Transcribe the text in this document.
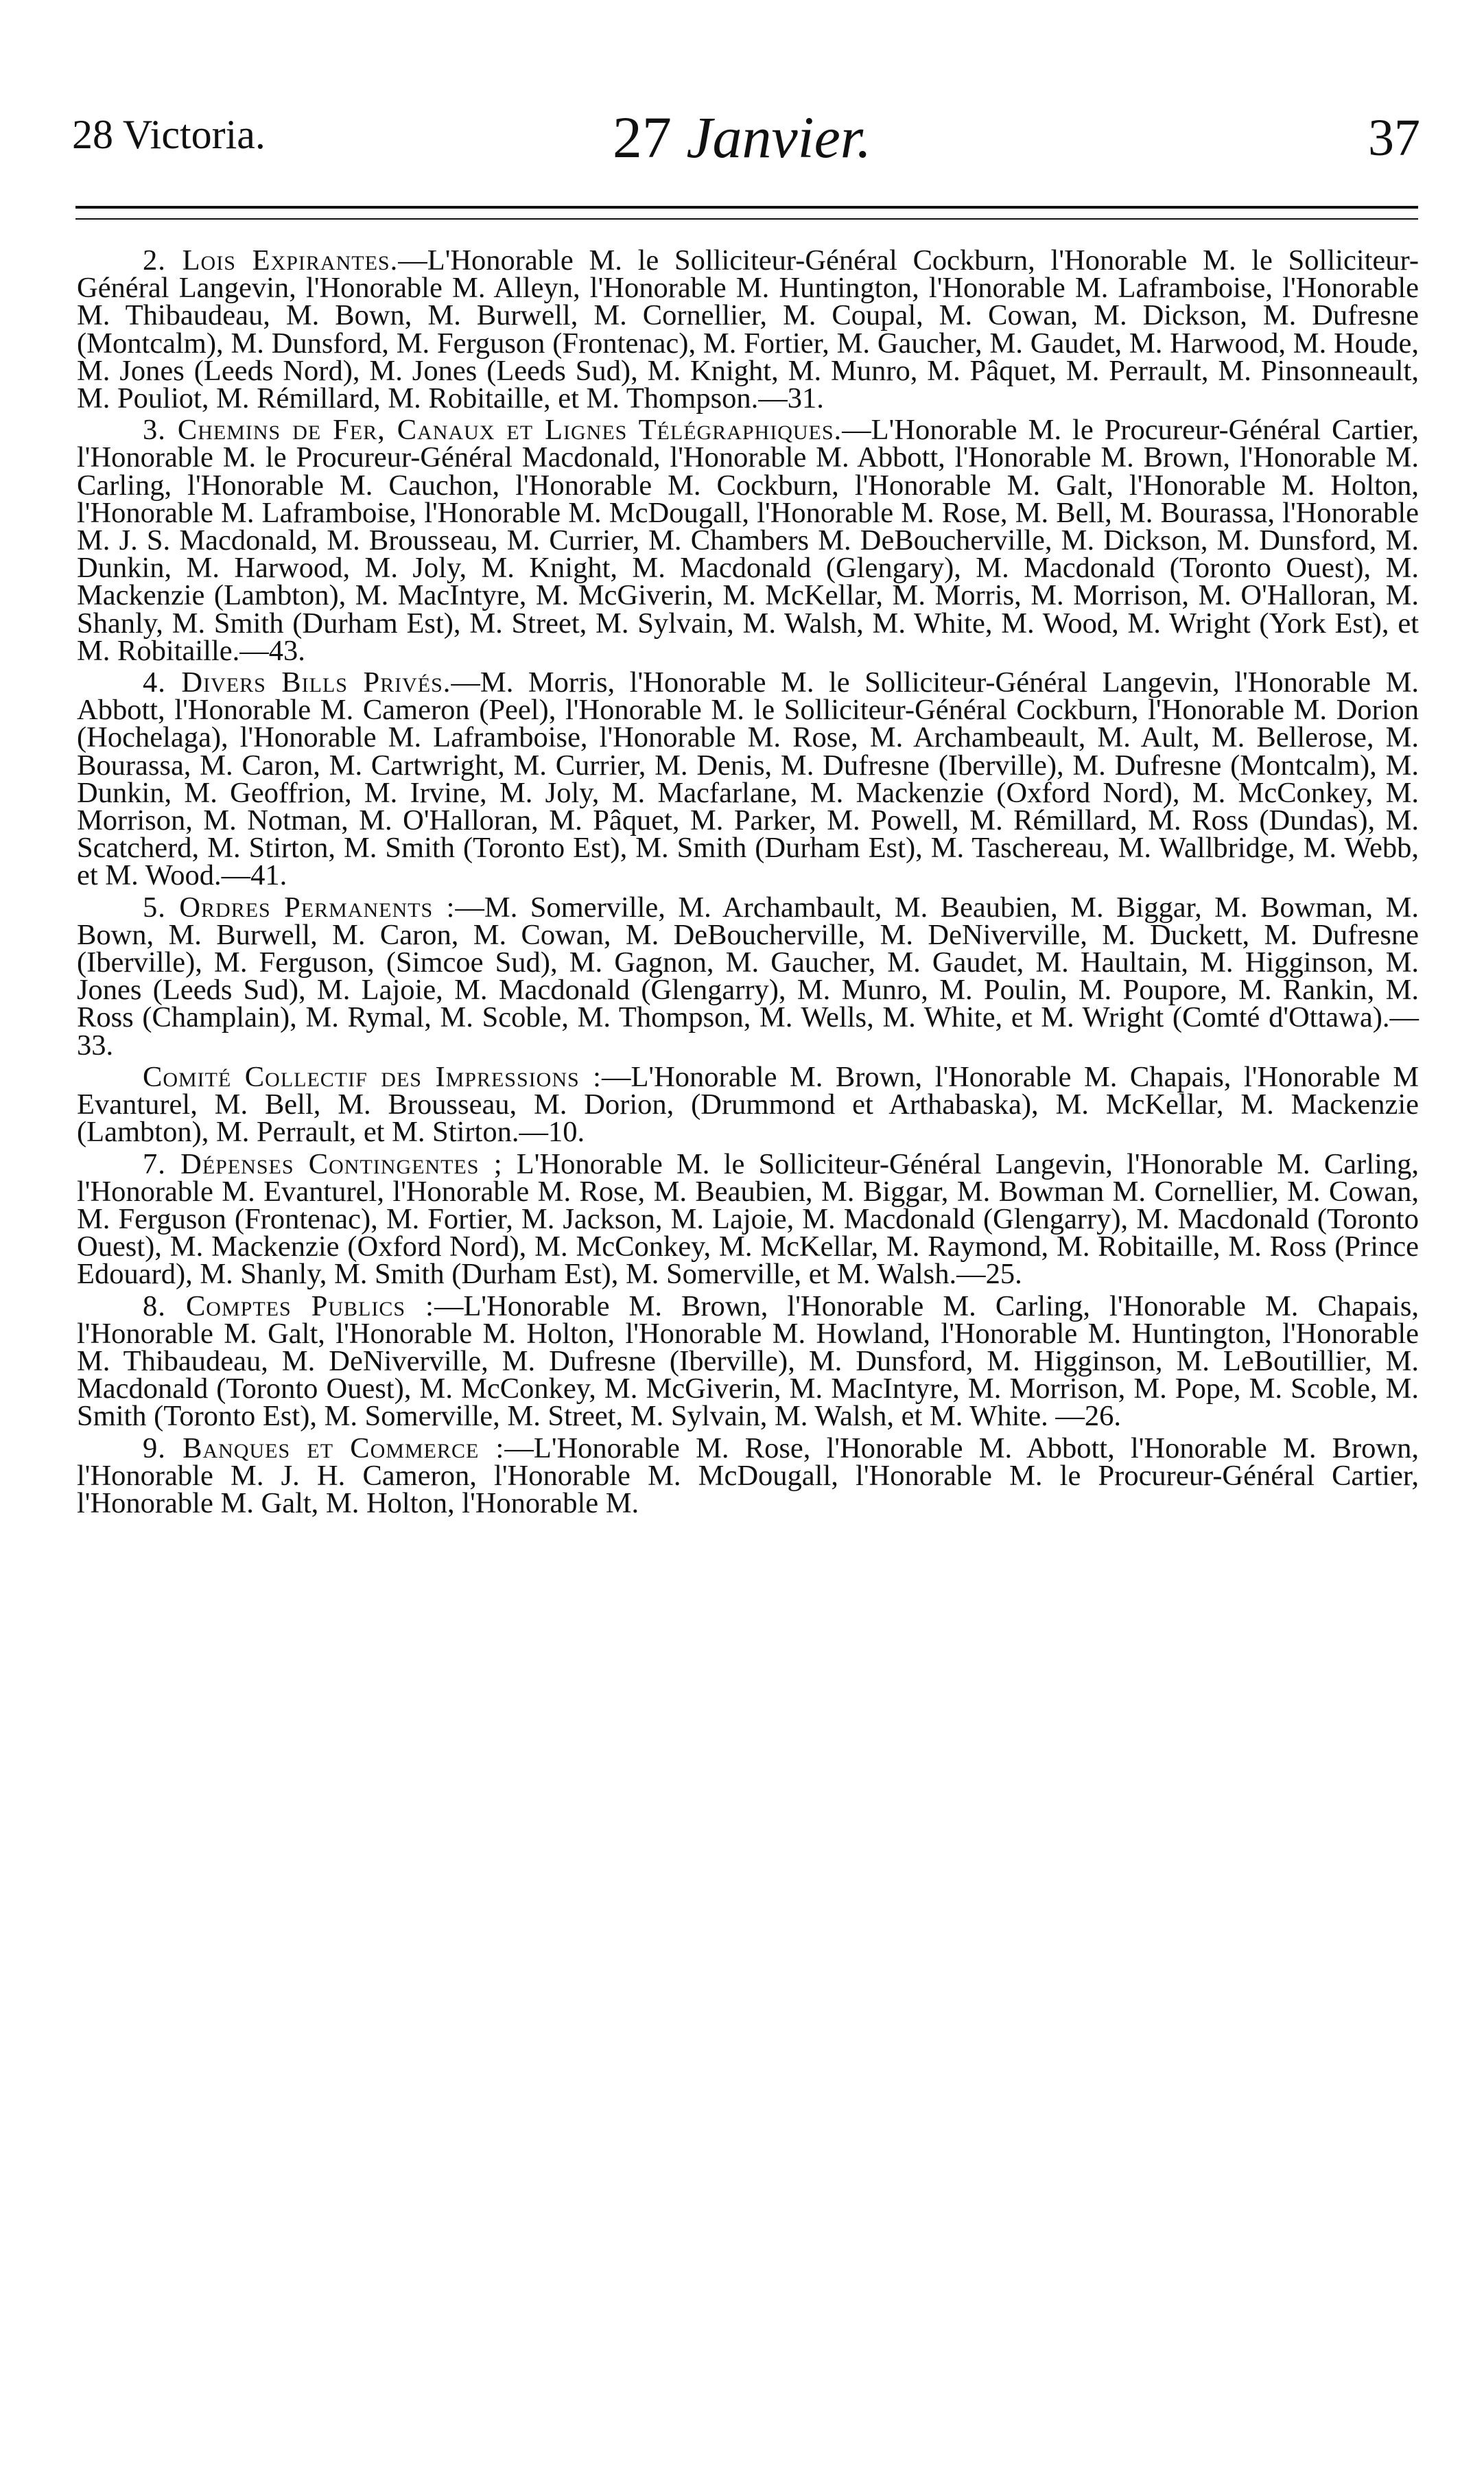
28 Victoria.	27 Janvier.	37

2. Lois Expirantes.—L'Honorable M. le Solliciteur-Général Cockburn, l'Honorable M. le Solliciteur-Général Langevin, l'Honorable M. Alleyn, l'Honorable M. Huntington, l'Honorable M. Laframboise, l'Honorable M. Thibaudeau, M. Bown, M. Burwell, M. Cornellier, M. Coupal, M. Cowan, M. Dickson, M. Dufresne (Montcalm), M. Dunsford, M. Ferguson (Frontenac), M. Fortier, M. Gaucher, M. Gaudet, M. Harwood, M. Houde, M. Jones (Leeds Nord), M. Jones (Leeds Sud), M. Knight, M. Munro, M. Pâquet, M. Perrault, M. Pinsonneault, M. Pouliot, M. Rémillard, M. Robitaille, et M. Thompson.—31.

3. Chemins de Fer, Canaux et Lignes Télégraphiques.—L'Honorable M. le Procureur-Général Cartier, l'Honorable M. le Procureur-Général Macdonald, l'Honorable M. Abbott, l'Honorable M. Brown, l'Honorable M. Carling, l'Honorable M. Cauchon, l'Honorable M. Cockburn, l'Honorable M. Galt, l'Honorable M. Holton, l'Honorable M. Laframboise, l'Honorable M. McDougall, l'Honorable M. Rose, M. Bell, M. Bourassa, l'Honorable M. J. S. Macdonald, M. Brousseau, M. Currier, M. Chambers M. DeBoucherville, M. Dickson, M. Dunsford, M. Dunkin, M. Harwood, M. Joly, M. Knight, M. Macdonald (Glengary), M. Macdonald (Toronto Ouest), M. Mackenzie (Lambton), M. MacIntyre, M. McGiverin, M. McKellar, M. Morris, M. Morrison, M. O'Halloran, M. Shanly, M. Smith (Durham Est), M. Street, M. Sylvain, M. Walsh, M. White, M. Wood, M. Wright (York Est), et M. Robitaille.—43.

4. Divers Bills Privés.—M. Morris, l'Honorable M. le Solliciteur-Général Langevin, l'Honorable M. Abbott, l'Honorable M. Cameron (Peel), l'Honorable M. le Solliciteur-Général Cockburn, l'Honorable M. Dorion (Hochelaga), l'Honorable M. Laframboise, l'Honorable M. Rose, M. Archambeault, M. Ault, M. Bellerose, M. Bourassa, M. Caron, M. Cartwright, M. Currier, M. Denis, M. Dufresne (Iberville), M. Dufresne (Montcalm), M. Dunkin, M. Geoffrion, M. Irvine, M. Joly, M. Macfarlane, M. Mackenzie (Oxford Nord), M. McConkey, M. Morrison, M. Notman, M. O'Halloran, M. Pâquet, M. Parker, M. Powell, M. Rémillard, M. Ross (Dundas), M. Scatcherd, M. Stirton, M. Smith (Toronto Est), M. Smith (Durham Est), M. Taschereau, M. Wallbridge, M. Webb, et M. Wood.—41.

5. Ordres Permanents :—M. Somerville, M. Archambault, M. Beaubien, M. Biggar, M. Bowman, M. Bown, M. Burwell, M. Caron, M. Cowan, M. DeBoucherville, M. DeNiverville, M. Duckett, M. Dufresne (Iberville), M. Ferguson, (Simcoe Sud), M. Gagnon, M. Gaucher, M. Gaudet, M. Haultain, M. Higginson, M. Jones (Leeds Sud), M. Lajoie, M. Macdonald (Glengarry), M. Munro, M. Poulin, M. Poupore, M. Rankin, M. Ross (Champlain), M. Rymal, M. Scoble, M. Thompson, M. Wells, M. White, et M. Wright (Comté d'Ottawa).—33.

Comité Collectif des Impressions :—L'Honorable M. Brown, l'Honorable M. Chapais, l'Honorable M Evanturel, M. Bell, M. Brousseau, M. Dorion, (Drummond et Arthabaska), M. McKellar, M. Mackenzie (Lambton), M. Perrault, et M. Stirton.—10.

7. Dépenses Contingentes ; L'Honorable M. le Solliciteur-Général Langevin, l'Honorable M. Carling, l'Honorable M. Evanturel, l'Honorable M. Rose, M. Beaubien, M. Biggar, M. Bowman M. Cornellier, M. Cowan, M. Ferguson (Frontenac), M. Fortier, M. Jackson, M. Lajoie, M. Macdonald (Glengarry), M. Macdonald (Toronto Ouest), M. Mackenzie (Oxford Nord), M. McConkey, M. McKellar, M. Raymond, M. Robitaille, M. Ross (Prince Edouard), M. Shanly, M. Smith (Durham Est), M. Somerville, et M. Walsh.—25.

8. Comptes Publics :—L'Honorable M. Brown, l'Honorable M. Carling, l'Honorable M. Chapais, l'Honorable M. Galt, l'Honorable M. Holton, l'Honorable M. Howland, l'Honorable M. Huntington, l'Honorable M. Thibaudeau, M. DeNiverville, M. Dufresne (Iberville), M. Dunsford, M. Higginson, M. LeBoutillier, M. Macdonald (Toronto Ouest), M. McConkey, M. McGiverin, M. MacIntyre, M. Morrison, M. Pope, M. Scoble, M. Smith (Toronto Est), M. Somerville, M. Street, M. Sylvain, M. Walsh, et M. White. —26.

9. Banques et Commerce :—L'Honorable M. Rose, l'Honorable M. Abbott, l'Honorable M. Brown, l'Honorable M. J. H. Cameron, l'Honorable M. McDougall, l'Honorable M. le Procureur-Général Cartier, l'Honorable M. Galt, M. Holton, l'Honorable M.
